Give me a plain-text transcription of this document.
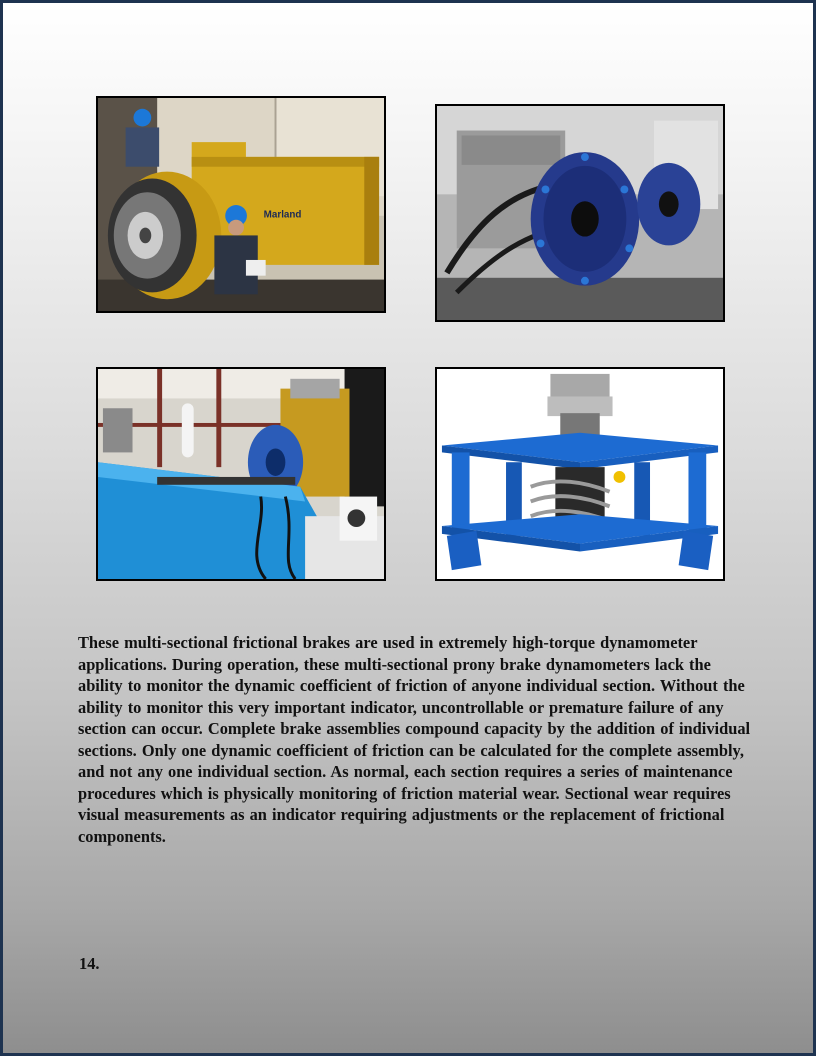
Marland

These multi-sectional frictional brakes are used in extremely high-torque dynamometer applications. During operation, these multi-sectional prony brake dynamometers lack the ability to monitor the dynamic coefficient of friction of anyone individual section. Without the ability to monitor this very important indicator, uncontrollable or premature failure of any section can occur. Complete brake assemblies compound capacity by the addition of individual sections. Only one dynamic coefficient of friction can be calculated for the complete assembly, and not any one individual section. As normal, each section requires a series of maintenance procedures which is physically monitoring of friction material wear. Sectional wear requires visual measurements as an indicator requiring adjustments or the replacement of frictional components.

14.
